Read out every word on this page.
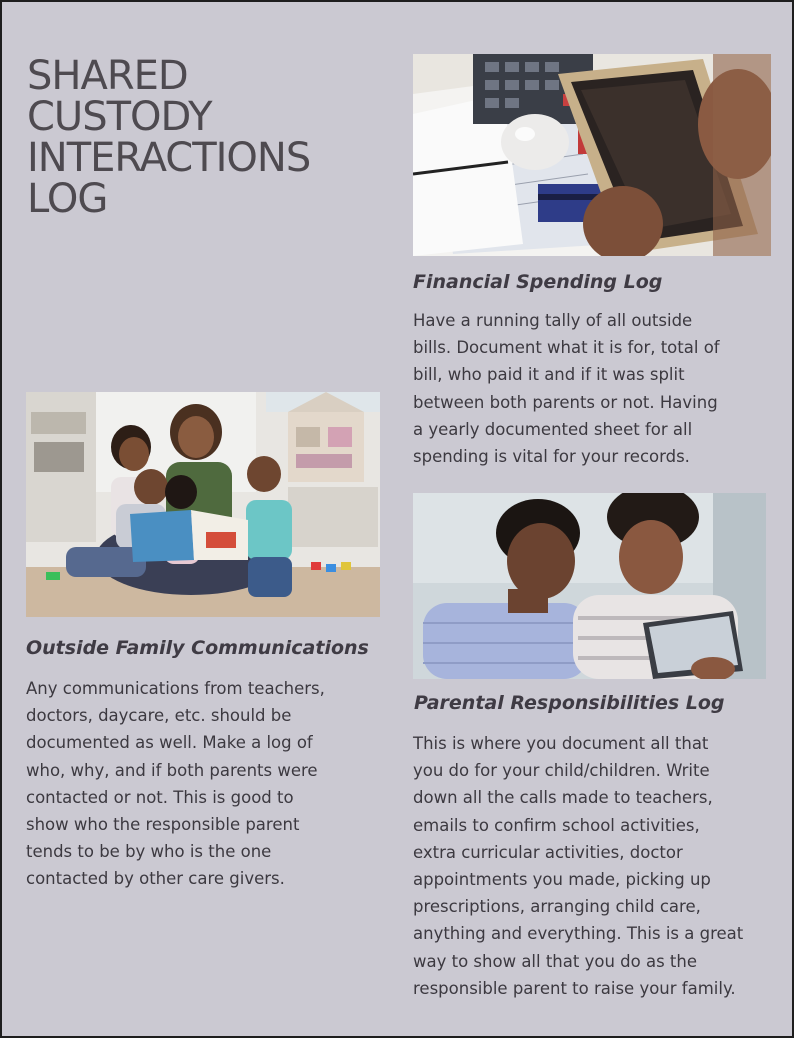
SHARED
CUSTODY
INTERACTIONS
LOG
Financial Spending Log

Have a running tally of all outside
bills. Document what it is for, total of
bill, who paid it and if it was split
between both parents or not. Having
a yearly documented sheet for all
spending is vital for your records.

Outside Family Communications

Any communications from teachers,
doctors, daycare, etc. should be
documented as well. Make a log of
who, why, and if both parents were
contacted or not. This is good to
show who the responsible parent
tends to be by who is the one
contacted by other care givers.

Parental Responsibilities Log

This is where you document all that
you do for your child/children. Write
down all the calls made to teachers,
emails to confirm school activities,
extra curricular activities, doctor
appointments you made, picking up
prescriptions, arranging child care,
anything and everything. This is a great
way to show all that you do as the
responsible parent to raise your family.
